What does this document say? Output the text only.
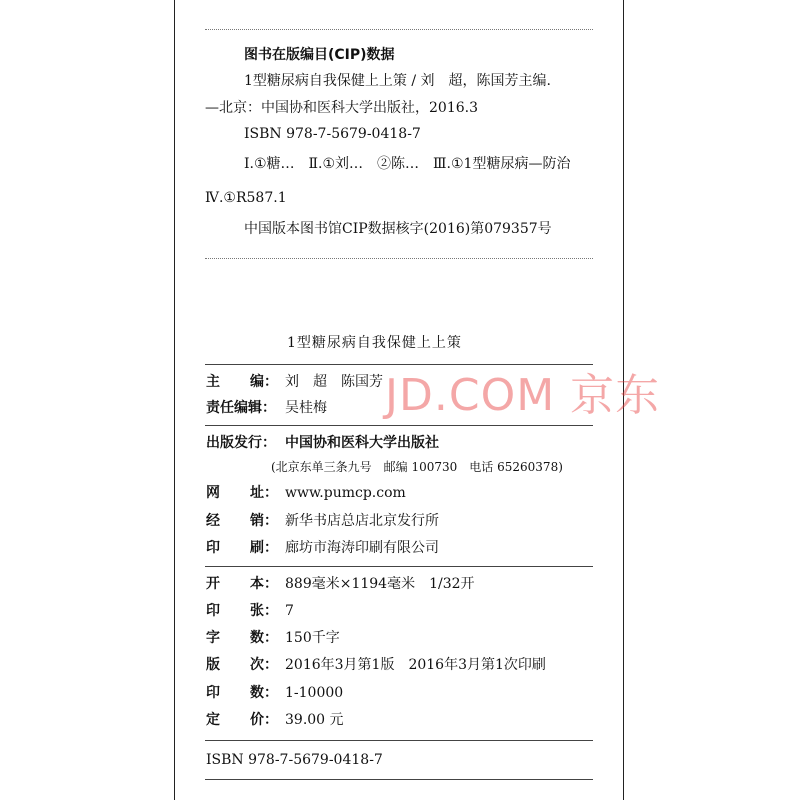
图书在版编目(CIP)数据
1型糖尿病自我保健上上策 / 刘　超，陈国芳主编.
—北京：中国协和医科大学出版社，2016.3
ISBN 978-7-5679-0418-7
Ⅰ.①糖…　Ⅱ.①刘…　②陈…　Ⅲ.①1型糖尿病—防治
Ⅳ.①R587.1
中国版本图书馆CIP数据核字(2016)第079357号
1型糖尿病自我保健上上策
JD.COM 京东
主 编： 刘　超　陈国芳
责任编辑： 吴桂梅
出版发行： 中国协和医科大学出版社
(北京东单三条九号　邮编 100730　电话 65260378)
网 址： www.pumcp.com
经 销： 新华书店总店北京发行所
印 刷： 廊坊市海涛印刷有限公司
开 本： 889毫米×1194毫米　1/32开
印 张： 7
字 数： 150千字
版 次： 2016年3月第1版　2016年3月第1次印刷
印 数： 1-10000
定 价： 39.00 元
ISBN 978-7-5679-0418-7
